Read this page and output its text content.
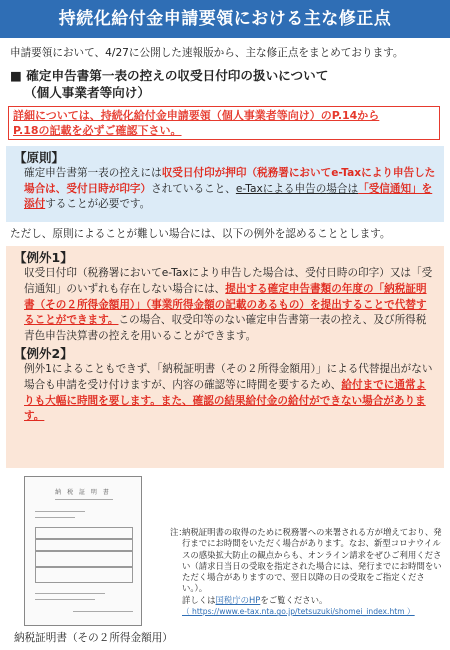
持続化給付金申請要領における主な修正点
申請要領において、4/27に公開した速報版から、主な修正点をまとめております。
■ 確定申告書第一表の控えの収受日付印の扱いについて
（個人事業者等向け）
詳細については、持続化給付金申請要領（個人事業者等向け）のP.14から
P.18の記載を必ずご確認下さい。
【原則】
確定申告書第一表の控えには収受日付印が押印（税務署においてe-Taxにより申告した場合は、受付日時が印字）されていること、e-Taxによる申告の場合は「受信通知」を添付することが必要です。
ただし、原則によることが難しい場合には、以下の例外を認めることとします。
【例外1】
収受日付印（税務署においてe-Taxにより申告した場合は、受付日時の印字）又は「受信通知」のいずれも存在しない場合には、提出する確定申告書類の年度の「納税証明書（その２所得金額用）」（事業所得金額の記載のあるもの）を提出することで代替することができます。この場合、収受印等のない確定申告書第一表の控え、及び所得税青色申告決算書の控えを用いることができます。
【例外2】
例外1によることもできず、「納税証明書（その２所得金額用）」による代替提出がない場合も申請を受け付けますが、内容の確認等に時間を要するため、給付までに通常よりも大幅に時間を要します。また、確認の結果給付金の給付ができない場合があります。
納 税 証 明 書
納税証明書（その２所得金額用）
注：
納税証明書の取得のために税務署への来署される方が増えており、発行までにお時間をいただく場合があります。なお、新型コロナウイルスの感染拡大防止の観点からも、オンライン請求をぜひご利用ください（請求日当日の受取を指定された場合には、発行までにお時間をいただく場合がありますので、翌日以降の日の受取をご指定ください。）。
詳しくは国税庁のHPをご覧ください。
（ https://www.e-tax.nta.go.jp/tetsuzuki/shomei_index.htm ）
